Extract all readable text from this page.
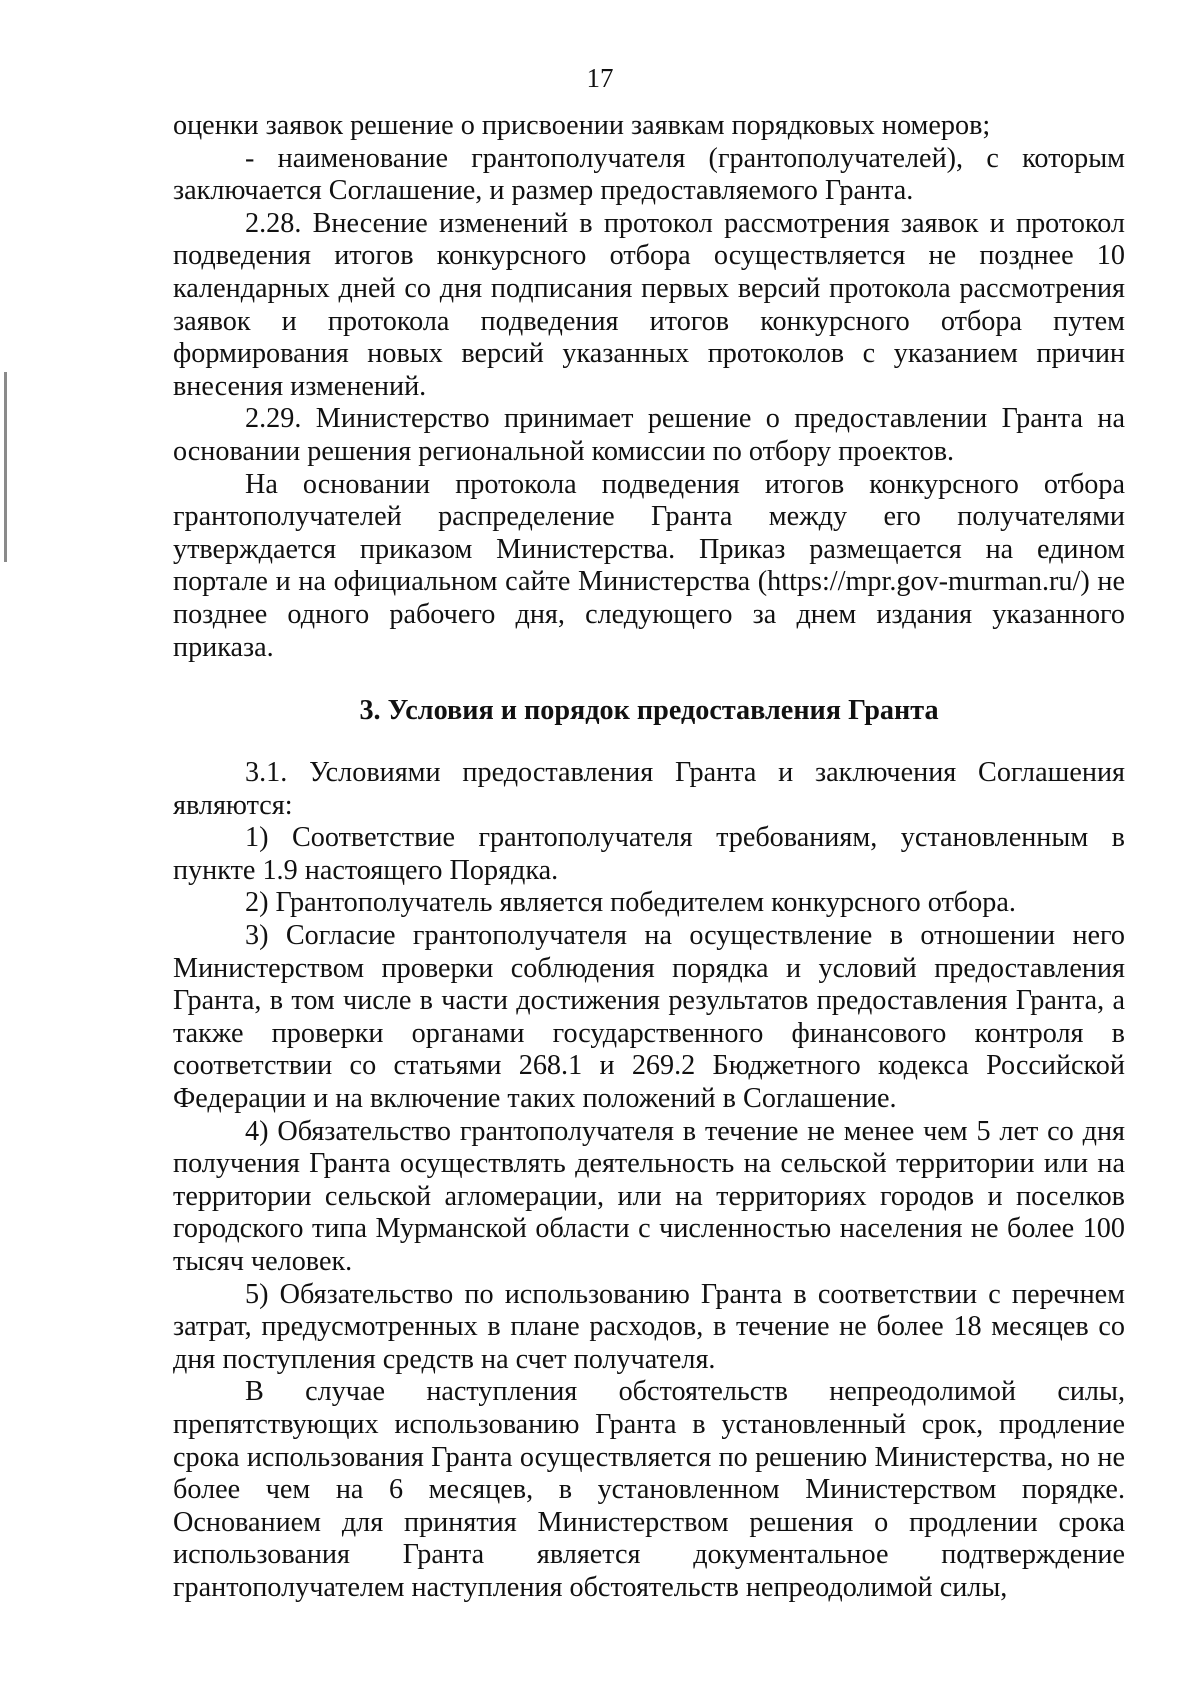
17

оценки заявок решение о присвоении заявкам порядковых номеров;

- наименование грантополучателя (грантополучателей), с которым заключается Соглашение, и размер предоставляемого Гранта.

2.28. Внесение изменений в протокол рассмотрения заявок и протокол подведения итогов конкурсного отбора осуществляется не позднее 10 календарных дней со дня подписания первых версий протокола рассмотрения заявок и протокола подведения итогов конкурсного отбора путем формирования новых версий указанных протоколов с указанием причин внесения изменений.

2.29. Министерство принимает решение о предоставлении Гранта на основании решения региональной комиссии по отбору проектов.

На основании протокола подведения итогов конкурсного отбора грантополучателей распределение Гранта между его получателями утверждается приказом Министерства. Приказ размещается на едином портале и на официальном сайте Министерства (https://mpr.gov-murman.ru/) не позднее одного рабочего дня, следующего за днем издания указанного приказа.

3. Условия и порядок предоставления Гранта

3.1. Условиями предоставления Гранта и заключения Соглашения являются:

1) Соответствие грантополучателя требованиям, установленным в пункте 1.9 настоящего Порядка.

2) Грантополучатель является победителем конкурсного отбора.

3) Согласие грантополучателя на осуществление в отношении него Министерством проверки соблюдения порядка и условий предоставления Гранта, в том числе в части достижения результатов предоставления Гранта, а также проверки органами государственного финансового контроля в соответствии со статьями 268.1 и 269.2 Бюджетного кодекса Российской Федерации и на включение таких положений в Соглашение.

4) Обязательство грантополучателя в течение не менее чем 5 лет со дня получения Гранта осуществлять деятельность на сельской территории или на территории сельской агломерации, или на территориях городов и поселков городского типа Мурманской области с численностью населения не более 100 тысяч человек.

5) Обязательство по использованию Гранта в соответствии с перечнем затрат, предусмотренных в плане расходов, в течение не более 18 месяцев со дня поступления средств на счет получателя.

В случае наступления обстоятельств непреодолимой силы, препятствующих использованию Гранта в установленный срок, продление срока использования Гранта осуществляется по решению Министерства, но не более чем на 6 месяцев, в установленном Министерством порядке. Основанием для принятия Министерством решения о продлении срока использования Гранта является документальное подтверждение грантополучателем наступления обстоятельств непреодолимой силы,
